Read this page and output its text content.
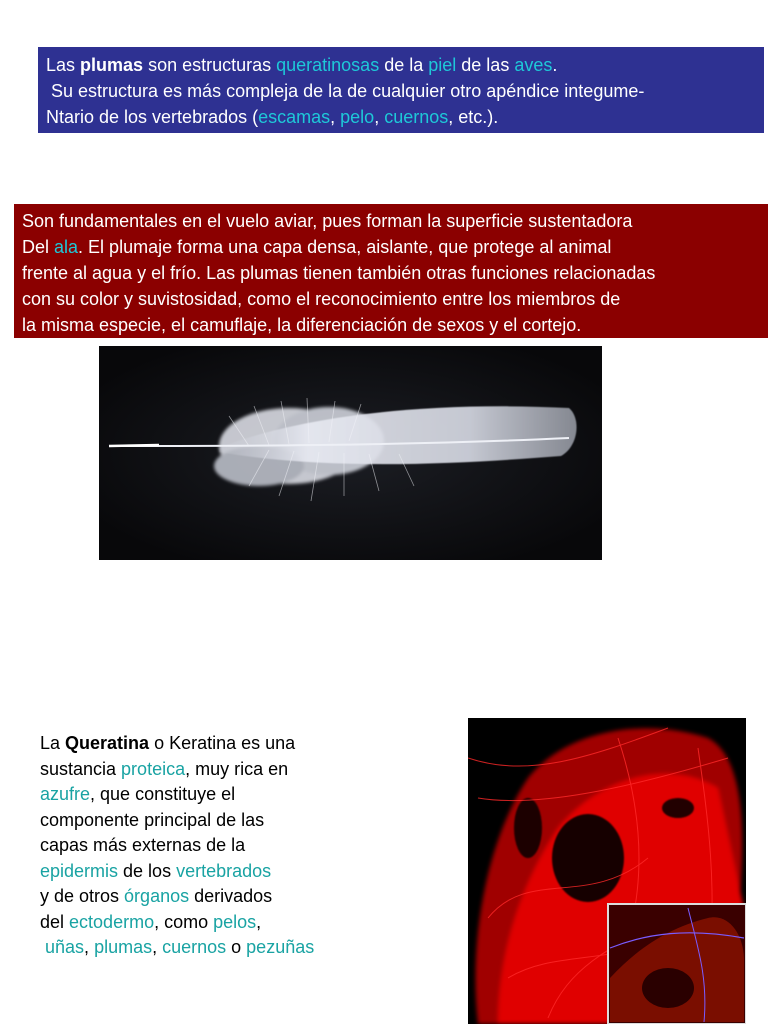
Las plumas son estructuras queratinosas de la piel de las aves.
Su estructura es más compleja de la de cualquier otro apéndice integume-
Ntario de los vertebrados (escamas, pelo, cuernos, etc.).
Son fundamentales en el vuelo aviar, pues forman la superficie sustentadora
Del ala. El plumaje forma una capa densa, aislante, que protege al animal
frente al agua y el frío. Las plumas tienen también otras funciones relacionadas
con su color y suvistosidad, como el reconocimiento entre los miembros de
la misma especie, el camuflaje, la diferenciación de sexos y el cortejo.
La Queratina o Keratina es una
sustancia proteica, muy rica en
azufre, que constituye el
componente principal de las
capas más externas de la
epidermis de los vertebrados
y de otros órganos derivados
del ectodermo, como pelos,
uñas, plumas, cuernos o pezuñas
